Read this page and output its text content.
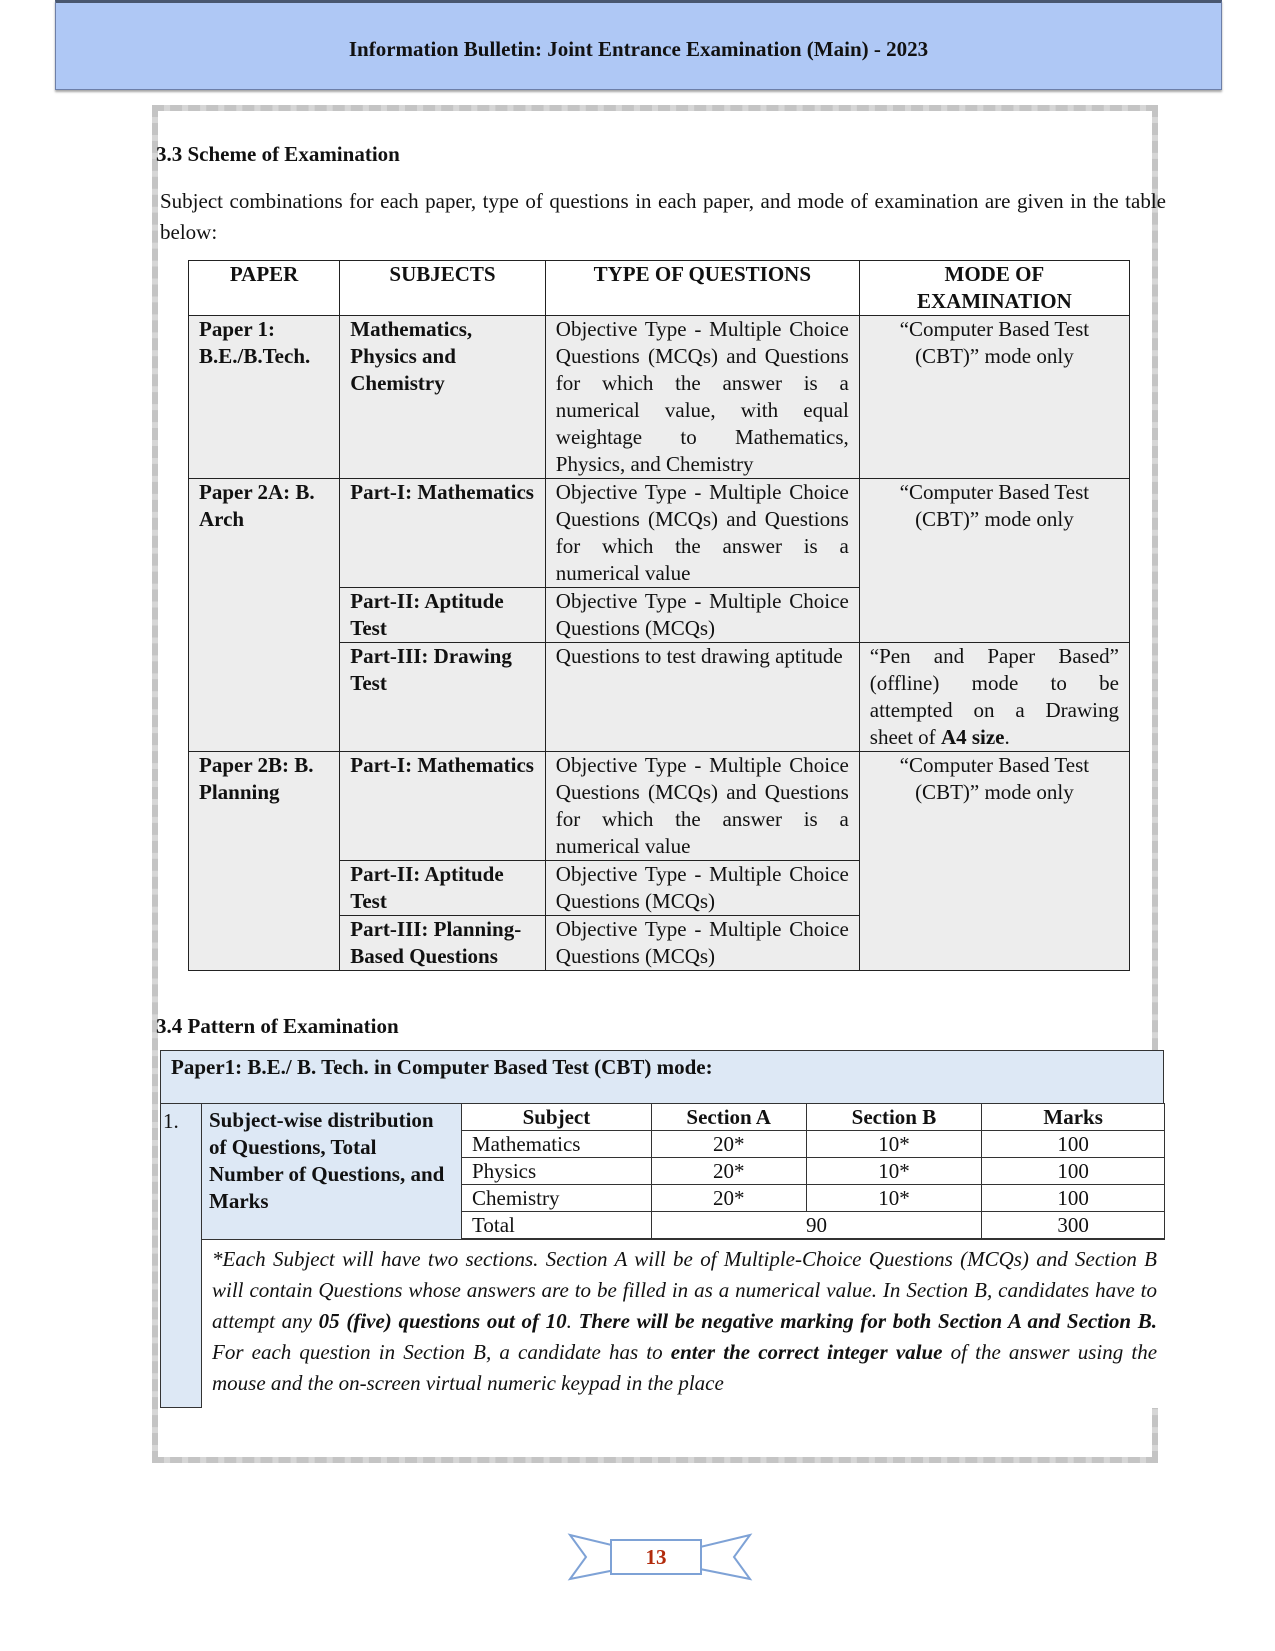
Information Bulletin: Joint Entrance Examination (Main) - 2023
3.3 Scheme of Examination
Subject combinations for each paper, type of questions in each paper, and mode of examination are given in the table below:
PAPER	SUBJECTS	TYPE OF QUESTIONS	MODE OF EXAMINATION
Paper 1: B.E./B.Tech.	Mathematics, Physics and Chemistry	Objective Type - Multiple Choice Questions (MCQs) and Questions for which the answer is a numerical value, with equal weightage to Mathematics, Physics, and Chemistry	“Computer Based Test (CBT)” mode only
Paper 2A: B. Arch	Part-I: Mathematics	Objective Type - Multiple Choice Questions (MCQs) and Questions for which the answer is a numerical value	“Computer Based Test (CBT)” mode only
	Part-II: Aptitude Test	Objective Type - Multiple Choice Questions (MCQs)	
	Part-III: Drawing Test	Questions to test drawing aptitude	“Pen and Paper Based” (offline) mode to be attempted on a Drawing sheet of A4 size.
Paper 2B: B. Planning	Part-I: Mathematics	Objective Type - Multiple Choice Questions (MCQs) and Questions for which the answer is a numerical value	“Computer Based Test (CBT)” mode only
	Part-II: Aptitude Test	Objective Type - Multiple Choice Questions (MCQs)	
	Part-III: Planning-Based Questions	Objective Type - Multiple Choice Questions (MCQs)	
3.4 Pattern of Examination
Paper1: B.E./ B. Tech. in Computer Based Test (CBT) mode:
1. Subject-wise distribution of Questions, Total Number of Questions, and Marks
Subject	Section A	Section B	Marks
Mathematics	20*	10*	100
Physics	20*	10*	100
Chemistry	20*	10*	100
Total	90		300
*Each Subject will have two sections. Section A will be of Multiple-Choice Questions (MCQs) and Section B will contain Questions whose answers are to be filled in as a numerical value. In Section B, candidates have to attempt any 05 (five) questions out of 10. There will be negative marking for both Section A and Section B. For each question in Section B, a candidate has to enter the correct integer value of the answer using the mouse and the on-screen virtual numeric keypad in the place
13
